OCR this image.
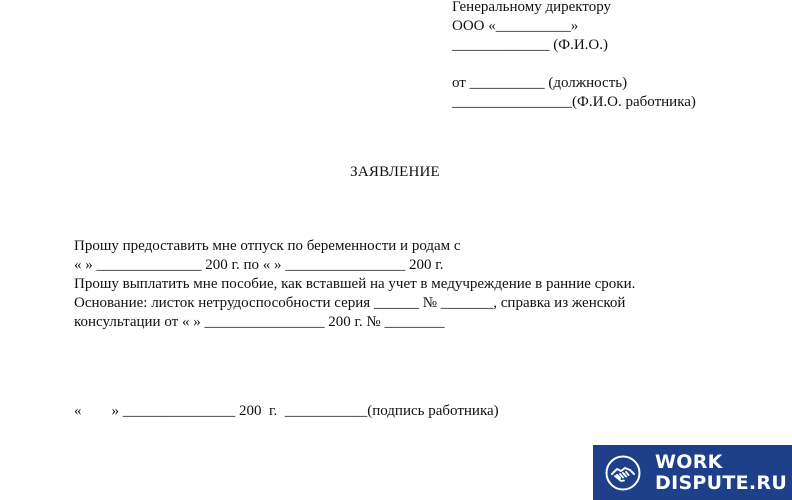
Генеральному директору
ООО «__________»
_____________ (Ф.И.О.)
от __________ (должность)
________________(Ф.И.О. работника)
ЗАЯВЛЕНИЕ
Прошу предоставить мне отпуск по беременности и родам с
« » ______________ 200 г. по « » ________________ 200 г.
Прошу выплатить мне пособие, как вставшей на учет в медучреждение в ранние сроки.
Основание: листок нетрудоспособности серия ______ № _______, справка из женской
консультации от « » ________________ 200 г. № ________
«        » _______________ 200  г.  ___________(подпись работника)
WORK
DISPUTE.RU
